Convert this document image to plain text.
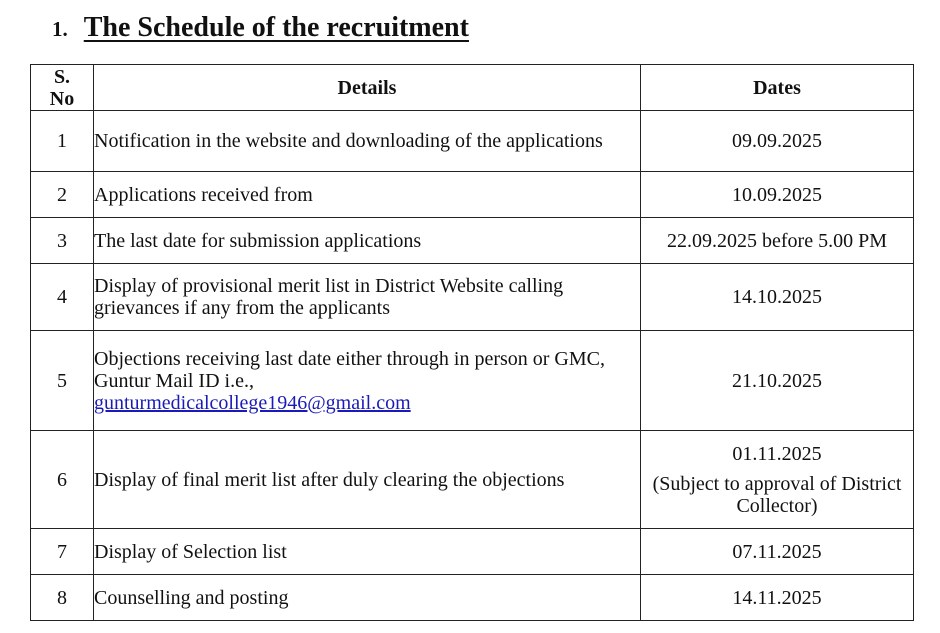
1. The Schedule of the recruitment
S.
No	Details	Dates
1	Notification in the website and downloading of the applications	09.09.2025
2	Applications received from	10.09.2025
3	The last date for submission applications	22.09.2025 before 5.00 PM
4	Display of provisional merit list in District Website calling grievances if any from the applicants	14.10.2025
5	Objections receiving last date either through in person or GMC, Guntur Mail ID i.e.,
gunturmedicalcollege1946@gmail.com	21.10.2025
6	Display of final merit list after duly clearing the objections	01.11.2025
(Subject to approval of District Collector)

7	Display of Selection list	07.11.2025
8	Counselling and posting	14.11.2025
